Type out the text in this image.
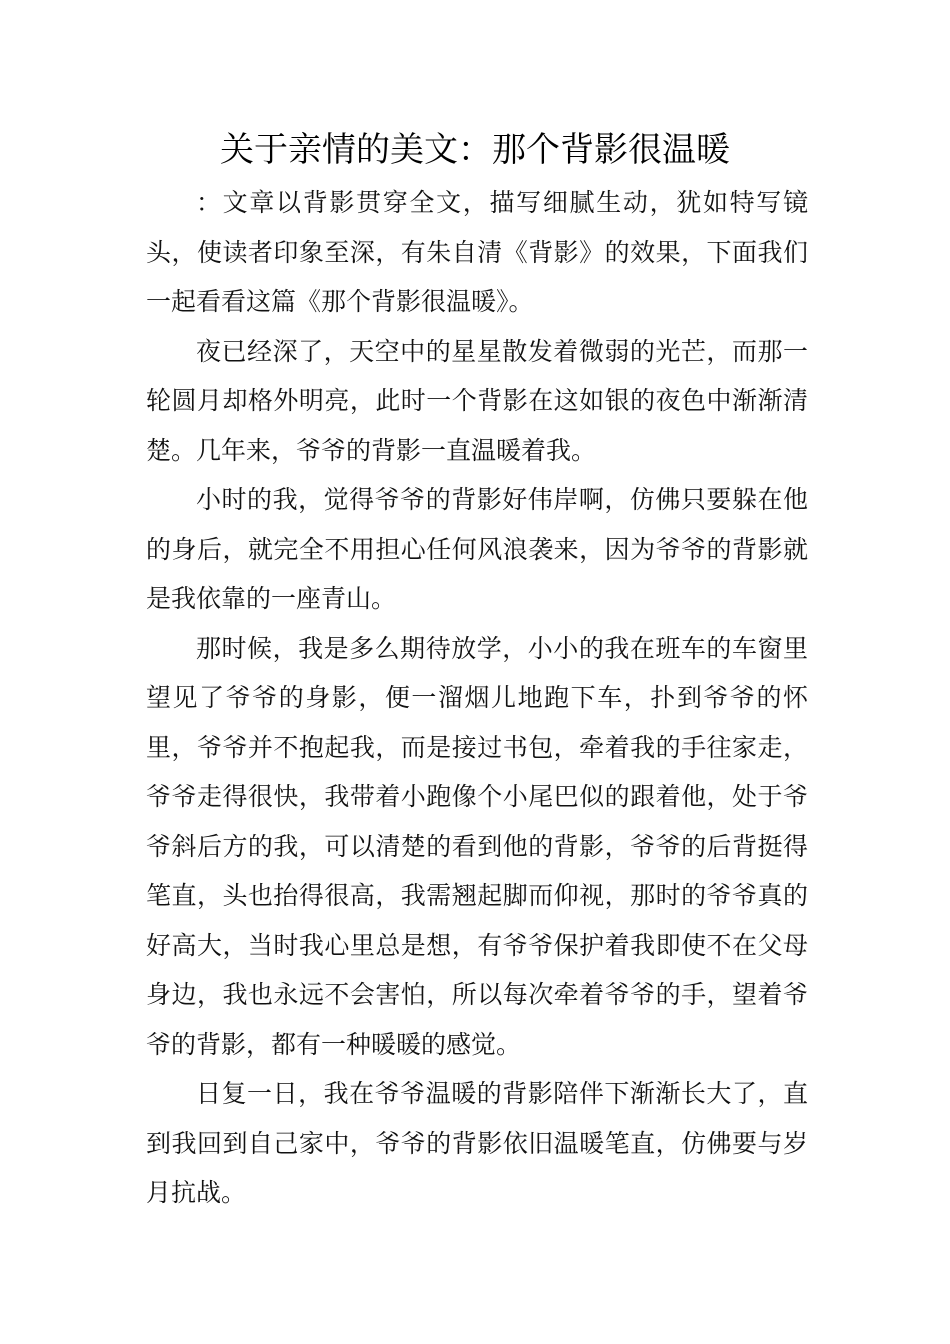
关于亲情的美文：那个背影很温暖

：文章以背影贯穿全文，描写细腻生动，犹如特写镜头，使读者印象至深，有朱自清《背影》的效果，下面我们一起看看这篇《那个背影很温暖》。

夜已经深了，天空中的星星散发着微弱的光芒，而那一轮圆月却格外明亮，此时一个背影在这如银的夜色中渐渐清楚。几年来，爷爷的背影一直温暖着我。

小时的我，觉得爷爷的背影好伟岸啊，仿佛只要躲在他的身后，就完全不用担心任何风浪袭来，因为爷爷的背影就是我依靠的一座青山。

那时候，我是多么期待放学，小小的我在班车的车窗里望见了爷爷的身影，便一溜烟儿地跑下车，扑到爷爷的怀里，爷爷并不抱起我，而是接过书包，牵着我的手往家走，爷爷走得很快，我带着小跑像个小尾巴似的跟着他，处于爷爷斜后方的我，可以清楚的看到他的背影，爷爷的后背挺得笔直，头也抬得很高，我需翘起脚而仰视，那时的爷爷真的好高大，当时我心里总是想，有爷爷保护着我即使不在父母身边，我也永远不会害怕，所以每次牵着爷爷的手，望着爷爷的背影，都有一种暖暖的感觉。

日复一日，我在爷爷温暖的背影陪伴下渐渐长大了，直到我回到自己家中，爷爷的背影依旧温暖笔直，仿佛要与岁月抗战。
